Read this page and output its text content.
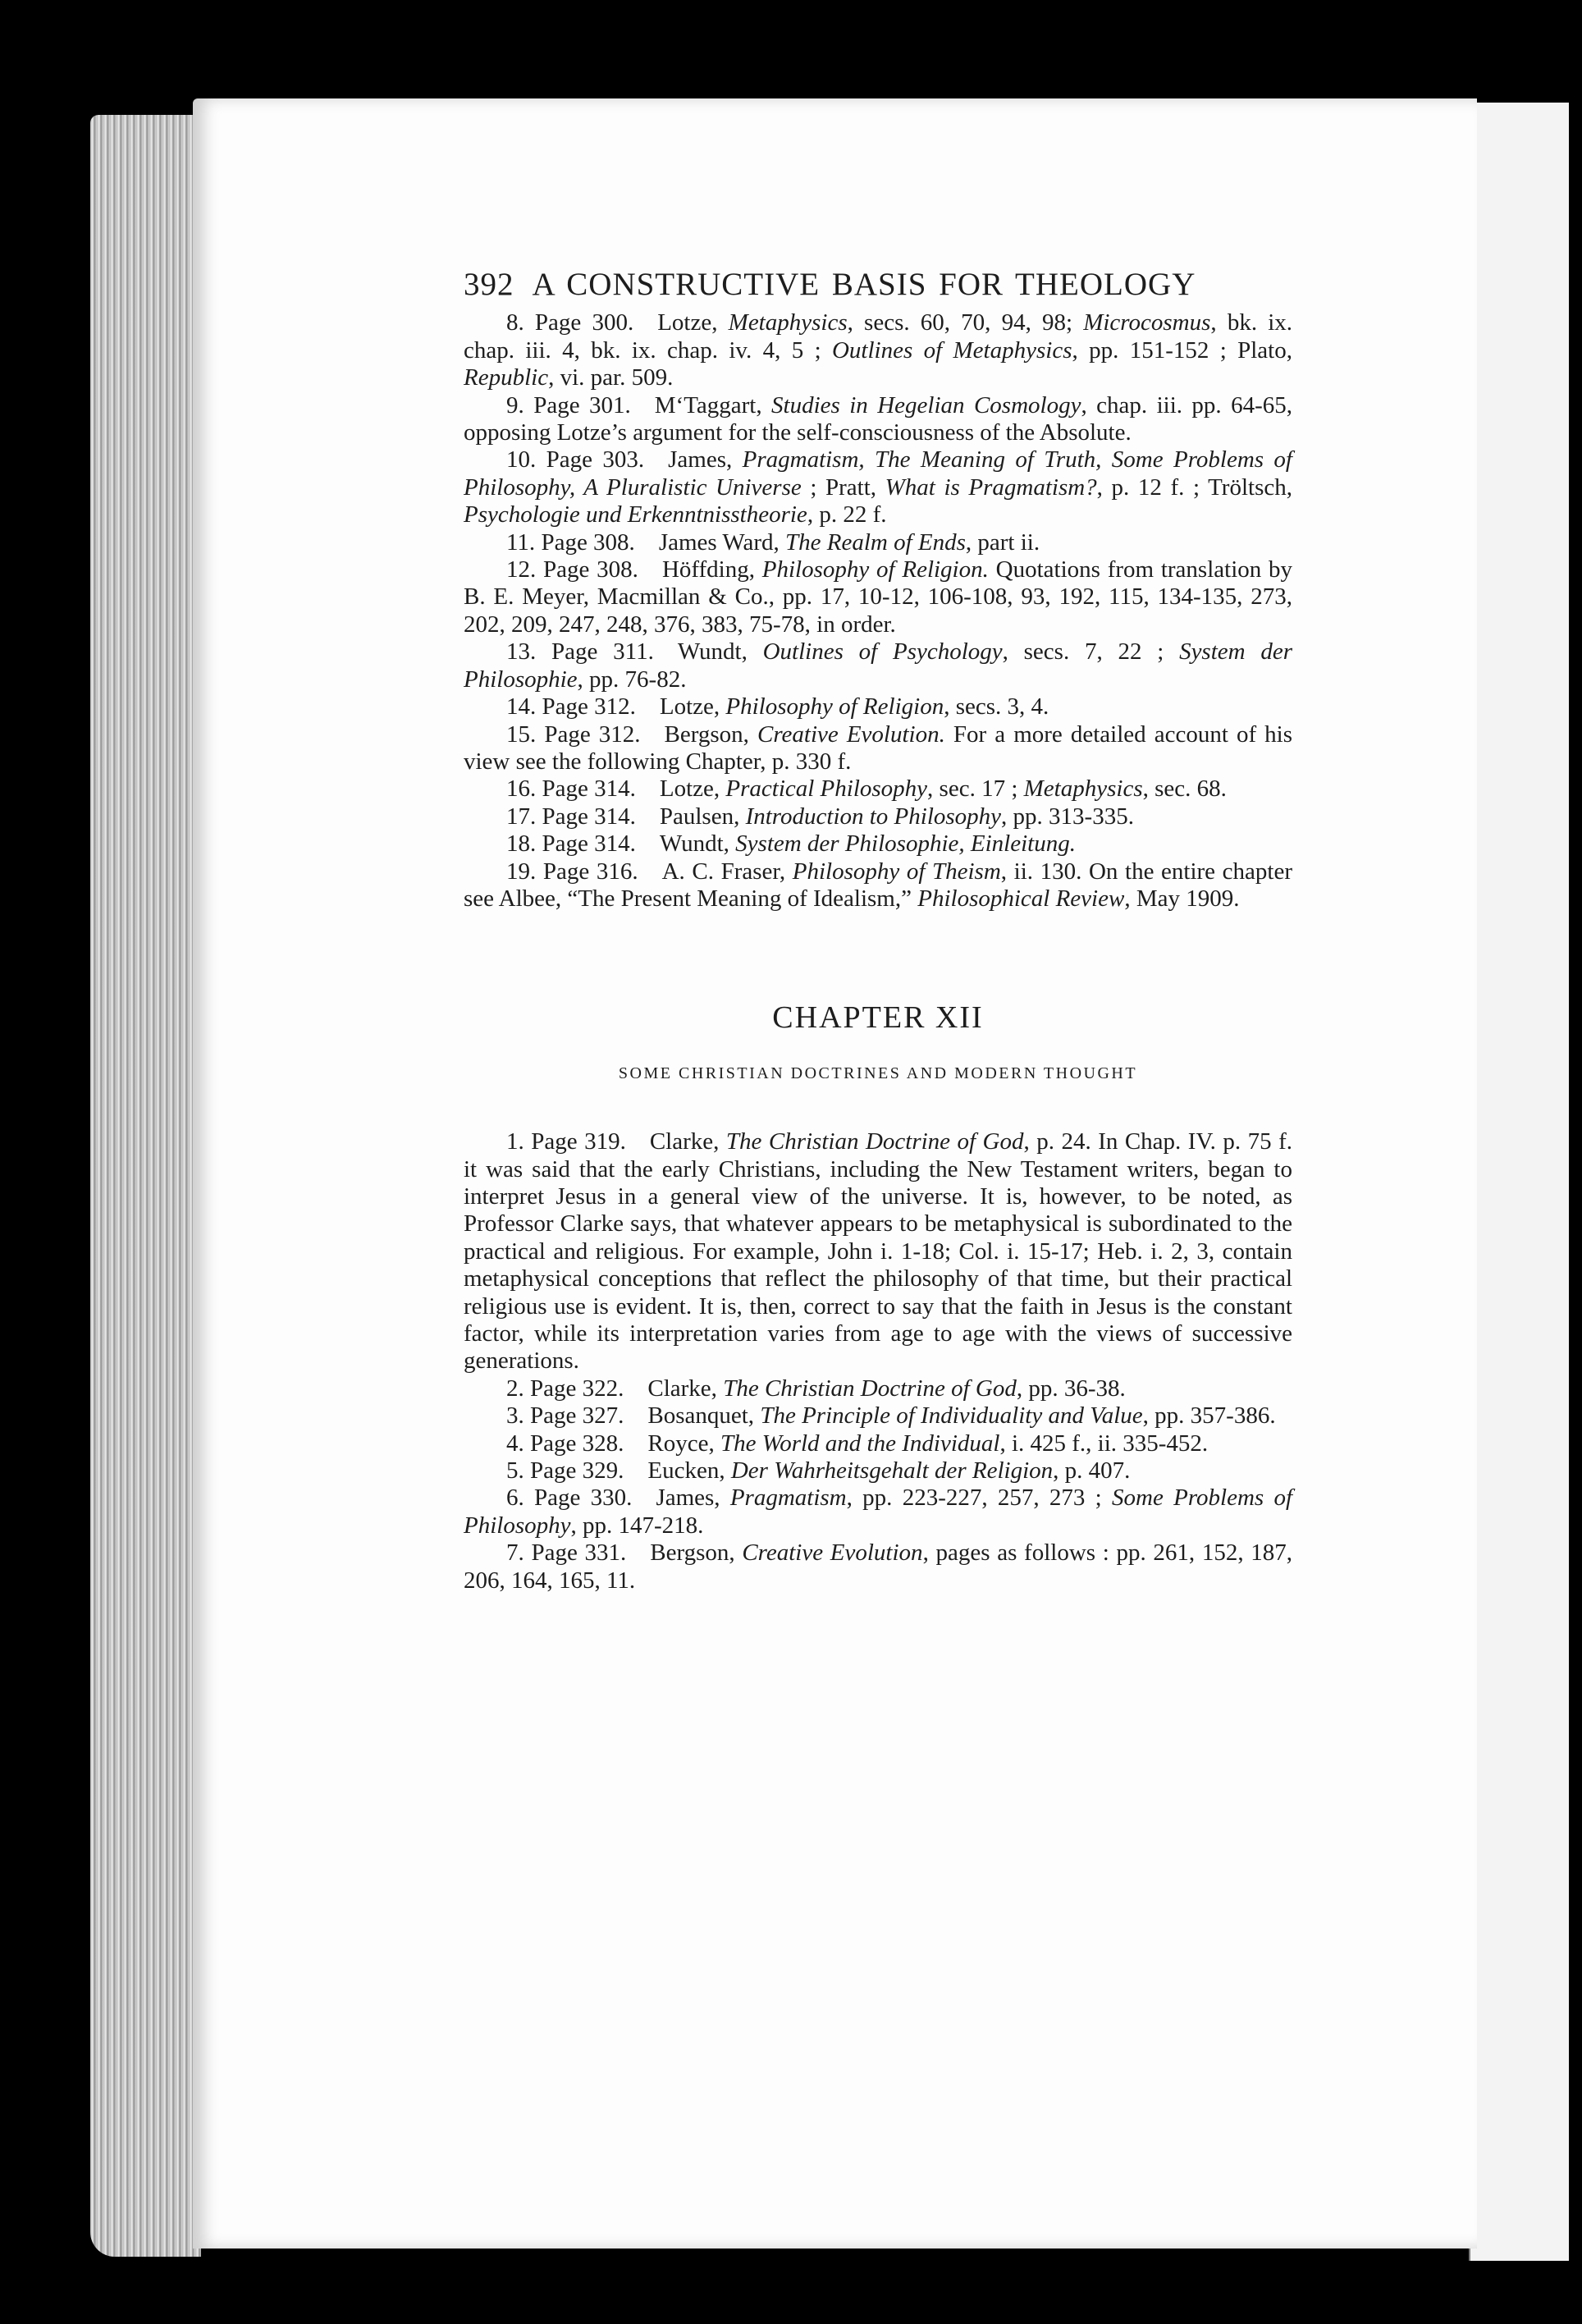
392 A CONSTRUCTIVE BASIS FOR THEOLOGY

8. Page 300.  Lotze, Metaphysics, secs. 60, 70, 94, 98; Microcosmus, bk. ix. chap. iii. 4, bk. ix. chap. iv. 4, 5 ; Outlines of Metaphysics, pp. 151-152 ; Plato, Republic, vi. par. 509.

9. Page 301.  M‘Taggart, Studies in Hegelian Cosmology, chap. iii. pp. 64-65, opposing Lotze’s argument for the self-consciousness of the Absolute.

10. Page 303.  James, Pragmatism, The Meaning of Truth, Some Problems of Philosophy, A Pluralistic Universe ; Pratt, What is Pragmatism?, p. 12 f. ; Tröltsch, Psychologie und Erkenntnisstheorie, p. 22 f.

11. Page 308.  James Ward, The Realm of Ends, part ii.

12. Page 308.  Höffding, Philosophy of Religion. Quotations from translation by B. E. Meyer, Macmillan & Co., pp. 17, 10-12, 106-108, 93, 192, 115, 134-135, 273, 202, 209, 247, 248, 376, 383, 75-78, in order.

13. Page 311.  Wundt, Outlines of Psychology, secs. 7, 22 ; System der Philosophie, pp. 76-82.

14. Page 312.  Lotze, Philosophy of Religion, secs. 3, 4.

15. Page 312.  Bergson, Creative Evolution. For a more detailed account of his view see the following Chapter, p. 330 f.

16. Page 314.  Lotze, Practical Philosophy, sec. 17 ; Metaphysics, sec. 68.

17. Page 314.  Paulsen, Introduction to Philosophy, pp. 313-335.

18. Page 314.  Wundt, System der Philosophie, Einleitung.

19. Page 316.  A. C. Fraser, Philosophy of Theism, ii. 130. On the entire chapter see Albee, “The Present Meaning of Idealism,” Philosophical Review, May 1909.

CHAPTER XII
SOME CHRISTIAN DOCTRINES AND MODERN THOUGHT

1. Page 319.  Clarke, The Christian Doctrine of God, p. 24. In Chap. IV. p. 75 f. it was said that the early Christians, including the New Testament writers, began to interpret Jesus in a general view of the universe. It is, however, to be noted, as Professor Clarke says, that whatever appears to be metaphysical is subordinated to the practical and religious. For example, John i. 1-18; Col. i. 15-17; Heb. i. 2, 3, contain metaphysical conceptions that reflect the philosophy of that time, but their practical religious use is evident. It is, then, correct to say that the faith in Jesus is the constant factor, while its interpretation varies from age to age with the views of successive generations.

2. Page 322.  Clarke, The Christian Doctrine of God, pp. 36-38.

3. Page 327.  Bosanquet, The Principle of Individuality and Value, pp. 357-386.

4. Page 328.  Royce, The World and the Individual, i. 425 f., ii. 335-452.

5. Page 329.  Eucken, Der Wahrheitsgehalt der Religion, p. 407.

6. Page 330.  James, Pragmatism, pp. 223-227, 257, 273 ; Some Problems of Philosophy, pp. 147-218.

7. Page 331.  Bergson, Creative Evolution, pages as follows : pp. 261, 152, 187, 206, 164, 165, 11.
